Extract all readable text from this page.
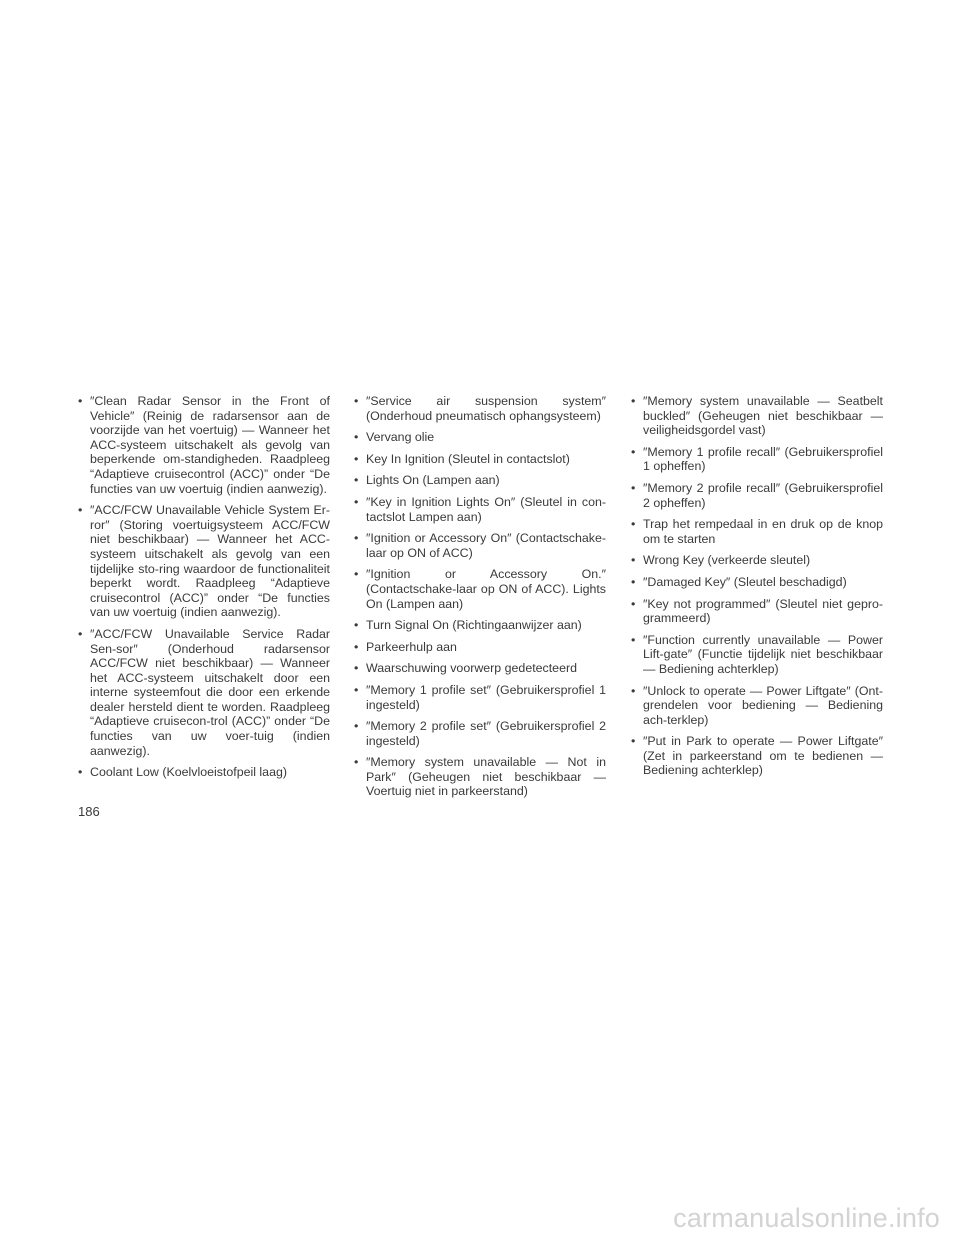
• ″Clean Radar Sensor in the Front of Vehicle″ (Reinig de radarsensor aan de voorzijde van het voertuig) — Wanneer het ACC-systeem uitschakelt als gevolg van beperkende om-standigheden. Raadpleeg “Adaptieve cruisecontrol (ACC)” onder “De functies van uw voertuig (indien aanwezig).
• ″ACC/FCW Unavailable Vehicle System Er-ror″ (Storing voertuigsysteem ACC/FCW niet beschikbaar) — Wanneer het ACC-systeem uitschakelt als gevolg van een tijdelijke sto-ring waardoor de functionaliteit beperkt wordt. Raadpleeg “Adaptieve cruisecontrol (ACC)” onder “De functies van uw voertuig (indien aanwezig).
• ″ACC/FCW Unavailable Service Radar Sen-sor″ (Onderhoud radarsensor ACC/FCW niet beschikbaar) — Wanneer het ACC-systeem uitschakelt door een interne systeemfout die door een erkende dealer hersteld dient te worden. Raadpleeg “Adaptieve cruisecon-trol (ACC)” onder “De functies van uw voer-tuig (indien aanwezig).
• Coolant Low (Koelvloeistofpeil laag)
• ″Service air suspension system″ (Onderhoud pneumatisch ophangsysteem)
• Vervang olie
• Key In Ignition (Sleutel in contactslot)
• Lights On (Lampen aan)
• ″Key in Ignition Lights On″ (Sleutel in con-tactslot Lampen aan)
• ″Ignition or Accessory On″ (Contactschake-laar op ON of ACC)
• ″Ignition or Accessory On.″ (Contactschake-laar op ON of ACC). Lights On (Lampen aan)
• Turn Signal On (Richtingaanwijzer aan)
• Parkeerhulp aan
• Waarschuwing voorwerp gedetecteerd
• ″Memory 1 profile set″ (Gebruikersprofiel 1 ingesteld)
• ″Memory 2 profile set″ (Gebruikersprofiel 2 ingesteld)
• ″Memory system unavailable — Not in Park″ (Geheugen niet beschikbaar — Voertuig niet in parkeerstand)
• ″Memory system unavailable — Seatbelt buckled″ (Geheugen niet beschikbaar — veiligheidsgordel vast)
• ″Memory 1 profile recall″ (Gebruikersprofiel 1 opheffen)
• ″Memory 2 profile recall″ (Gebruikersprofiel 2 opheffen)
• Trap het rempedaal in en druk op de knop om te starten
• Wrong Key (verkeerde sleutel)
• ″Damaged Key″ (Sleutel beschadigd)
• ″Key not programmed″ (Sleutel niet gepro-grammeerd)
• ″Function currently unavailable — Power Lift-gate″ (Functie tijdelijk niet beschikbaar — Bediening achterklep)
• ″Unlock to operate — Power Liftgate″ (Ont-grendelen voor bediening — Bediening ach-terklep)
• ″Put in Park to operate — Power Liftgate″ (Zet in parkeerstand om te bedienen — Bediening achterklep)
186
carmanualsonline.info
